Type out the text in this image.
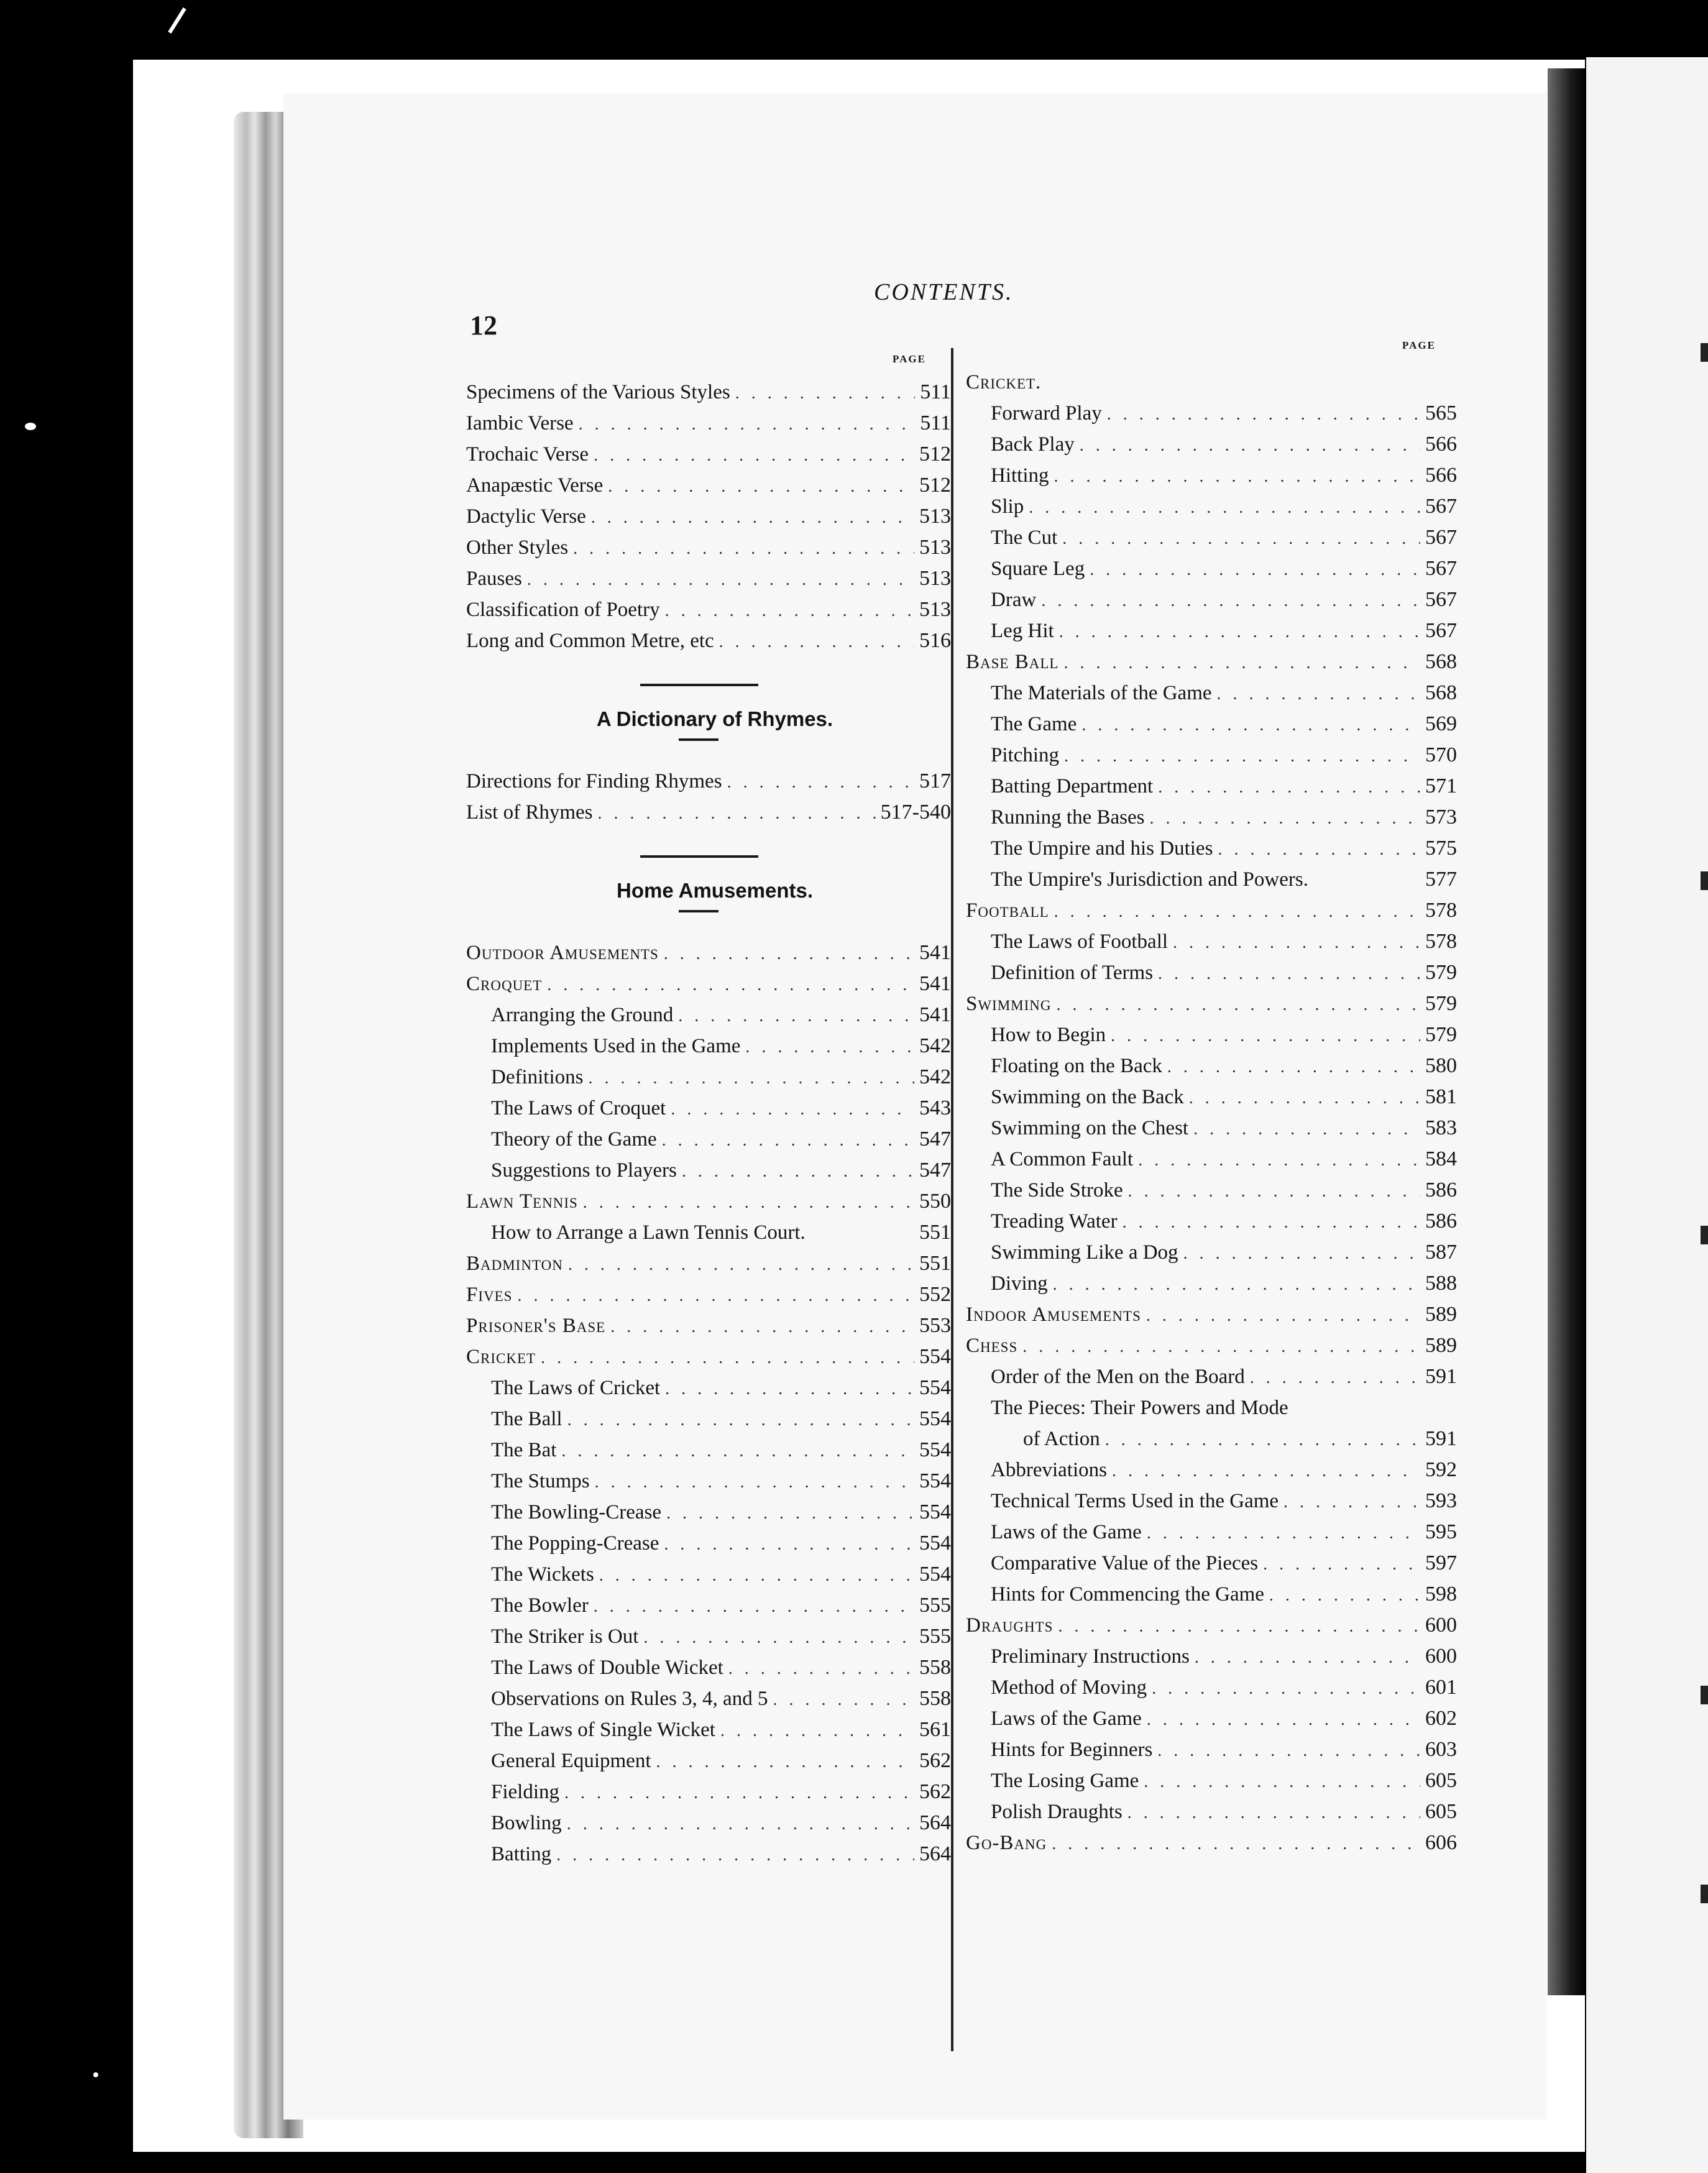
12
CONTENTS.
PAGE
PAGE
Specimens of the Various Styles . . .	511
Iambic Verse . . .	511
Trochaic Verse . . .	512
Anapæstic Verse . . .	512
Dactylic Verse . . .	513
Other Styles . . .	513
Pauses . . .	513
Classification of Poetry . . .	513
Long and Common Metre, etc . . .	516
A Dictionary of Rhymes.
Directions for Finding Rhymes . . .	517
List of Rhymes . . .	517-540
Home Amusements.
Outdoor Amusements . . .	541
Croquet . . .	541
Arranging the Ground . . .	541
Implements Used in the Game . . .	542
Definitions . . .	542
The Laws of Croquet . . .	543
Theory of the Game . . .	547
Suggestions to Players . . .	547
Lawn Tennis . . .	550
How to Arrange a Lawn Tennis Court.	551
Badminton . . .	551
Fives . . .	552
Prisoner's Base . . .	553
Cricket . . .	554
The Laws of Cricket . . .	554
The Ball . . .	554
The Bat . . .	554
The Stumps . . .	554
The Bowling-Crease . . .	554
The Popping-Crease . . .	554
The Wickets . . .	554
The Bowler . . .	555
The Striker is Out . . .	555
The Laws of Double Wicket . . .	558
Observations on Rules 3, 4, and 5 . . .	558
The Laws of Single Wicket . . .	561
General Equipment . . .	562
Fielding . . .	562
Bowling . . .	564
Batting . . .	564
Cricket.
Forward Play . . .	565
Back Play . . .	566
Hitting . . .	566
Slip . . .	567
The Cut . . .	567
Square Leg . . .	567
Draw . . .	567
Leg Hit . . .	567
Base Ball . . .	568
The Materials of the Game . . .	568
The Game . . .	569
Pitching . . .	570
Batting Department . . .	571
Running the Bases . . .	573
The Umpire and his Duties . . .	575
The Umpire's Jurisdiction and Powers.	577
Football . . .	578
The Laws of Football . . .	578
Definition of Terms . . .	579
Swimming . . .	579
How to Begin . . .	579
Floating on the Back . . .	580
Swimming on the Back . . .	581
Swimming on the Chest . . .	583
A Common Fault . . .	584
The Side Stroke . . .	586
Treading Water . . .	586
Swimming Like a Dog . . .	587
Diving . . .	588
Indoor Amusements . . .	589
Chess . . .	589
Order of the Men on the Board . . .	591
The Pieces: Their Powers and Mode
of Action . . .	591
Abbreviations . . .	592
Technical Terms Used in the Game . . .	593
Laws of the Game . . .	595
Comparative Value of the Pieces . . .	597
Hints for Commencing the Game . . .	598
Draughts . . .	600
Preliminary Instructions . . .	600
Method of Moving . . .	601
Laws of the Game . . .	602
Hints for Beginners . . .	603
The Losing Game . . .	605
Polish Draughts . . .	605
Go-Bang . . .	606
